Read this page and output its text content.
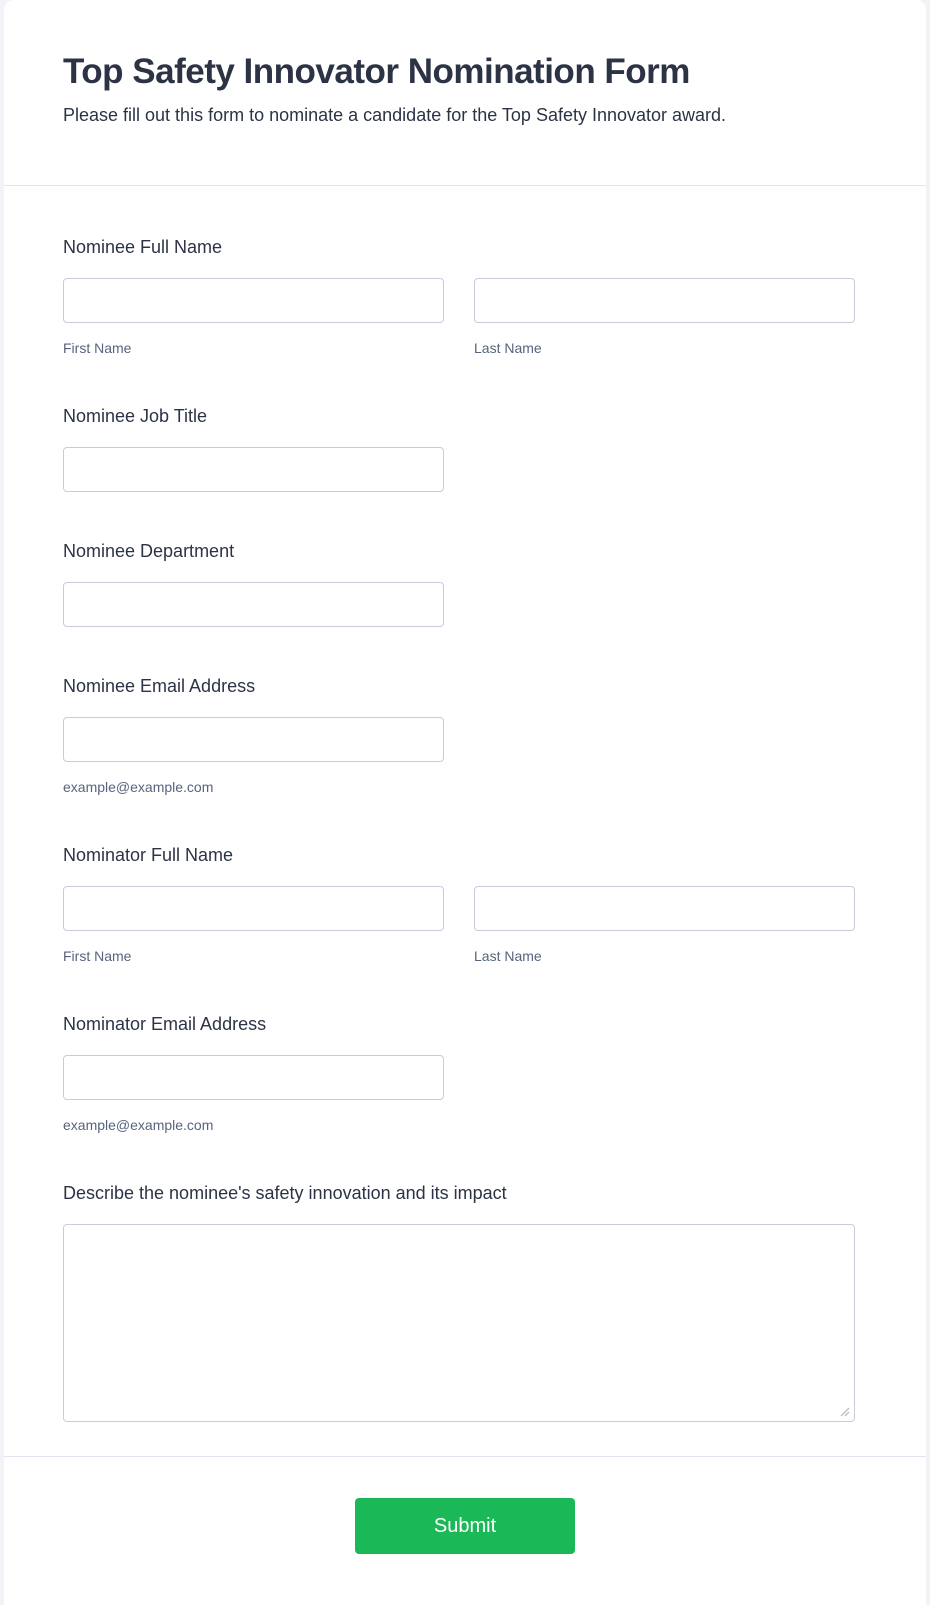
Top Safety Innovator Nomination Form

Please fill out this form to nominate a candidate for the Top Safety Innovator award.

Nominee Full Name
First Name	Last Name
Nominee Job Title
Nominee Department
Nominee Email Address
example@example.com
Nominator Full Name
First Name	Last Name
Nominator Email Address
example@example.com
Describe the nominee's safety innovation and its impact
Submit
